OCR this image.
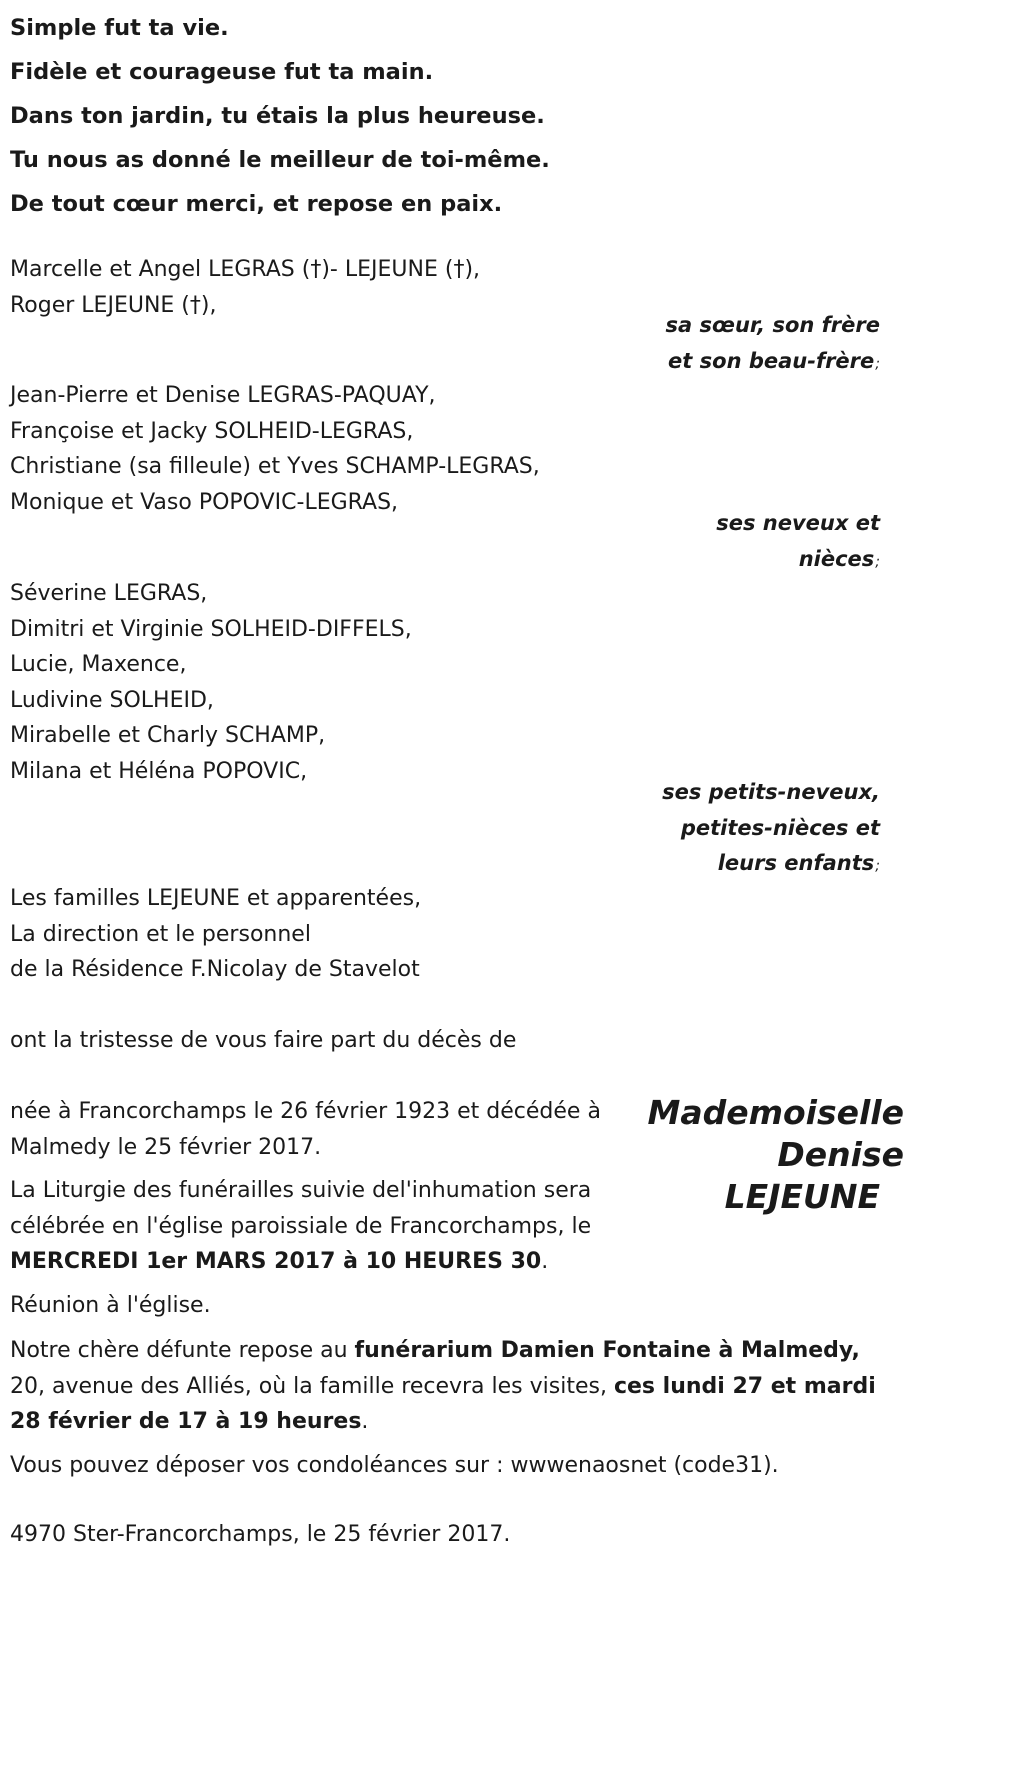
Simple fut ta vie.
Fidèle et courageuse fut ta main.
Dans ton jardin, tu étais la plus heureuse.
Tu nous as donné le meilleur de toi-même.
De tout cœur merci, et repose en paix.
Marcelle et Angel LEGRAS (†)- LEJEUNE (†),
Roger LEJEUNE (†),
sa sœur, son frère
et son beau-frère;
Jean-Pierre et Denise LEGRAS-PAQUAY,
Françoise et Jacky SOLHEID-LEGRAS,
Christiane (sa filleule) et Yves SCHAMP-LEGRAS,
Monique et Vaso POPOVIC-LEGRAS,
ses neveux et
nièces;
Séverine LEGRAS,
Dimitri et Virginie SOLHEID-DIFFELS,
Lucie, Maxence,
Ludivine SOLHEID,
Mirabelle et Charly SCHAMP,
Milana et Héléna POPOVIC,
ses petits-neveux,
petites-nièces et
leurs enfants;
Les familles LEJEUNE et apparentées,
La direction et le personnel
de la Résidence F.Nicolay de Stavelot
ont la tristesse de vous faire part du décès de
Mademoiselle
Denise
LEJEUNE
née à Francorchamps le 26 février 1923 et décédée à Malmedy le 25 février 2017.
La Liturgie des funérailles suivie del'inhumation sera célébrée en l'église paroissiale de Francorchamps, le MERCREDI 1er MARS 2017 à 10 HEURES 30.
Réunion à l'église.
Notre chère défunte repose au funérarium Damien Fontaine à Malmedy, 20, avenue des Alliés, où la famille recevra les visites, ces lundi 27 et mardi 28 février de 17 à 19 heures.
Vous pouvez déposer vos condoléances sur : wwwenaosnet (code31).
4970 Ster-Francorchamps, le 25 février 2017.
